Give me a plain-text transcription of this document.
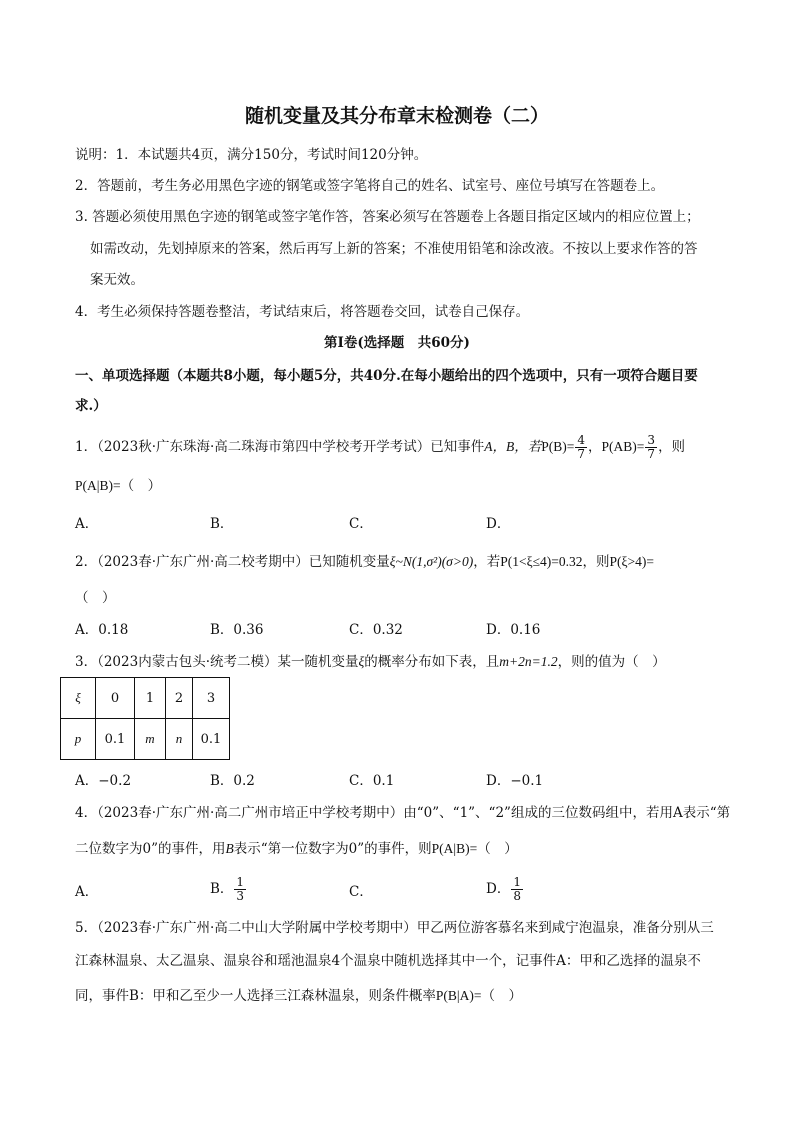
随机变量及其分布章末检测卷（二）
说明：1．本试题共4页，满分150分，考试时间120分钟。
2．答题前，考生务必用黑色字迹的钢笔或签字笔将自己的姓名、试室号、座位号填写在答题卷上。
3. 答题必须使用黑色字迹的钢笔或签字笔作答，答案必须写在答题卷上各题目指定区域内的相应位置上；
如需改动，先划掉原来的答案，然后再写上新的答案；不准使用铅笔和涂改液。不按以上要求作答的答
案无效。
4．考生必须保持答题卷整洁，考试结束后，将答题卷交回，试卷自己保存。
第I卷(选择题　共60分)
一、单项选择题（本题共8小题，每小题5分，共40分.在每小题给出的四个选项中，只有一项符合题目要
求.）
1．（2023秋·广东珠海·高二珠海市第四中学校考开学考试）已知事件A，B，若$P(B)= \frac{4}{7}$ ，$P(AB)= \frac{3}{7}$ ，则
P(A|B)=（　）
A．	B．	C．	D．
2．（2023春·广东广州·高二校考期中）已知随机变量ξ~N(1,σ²)(σ>0)，若P(1<ξ≤4)=0.32，则P(ξ>4)=
（　）
A．0.18	B．0.36	C．0.32	D．0.16
3．（2023内蒙古包头·统考二模）某一随机变量ξ的概率分布如下表，且m+2n=1.2，则的值为（　）
ξ	0	1	2	3
p	0.1	m	n	0.1
A．−0.2	B．0.2	C．0.1	D．−0.1
4．（2023春·广东广州·高二广州市培正中学校考期中）由“0”、“1”、“2”组成的三位数码组中，若用A表示“第
二位数字为0”的事件，用B表示“第一位数字为0”的事件，则P(A|B)=（　）
A．	B． $\frac{1}{3}$	C．	D． $\frac{1}{8}$
5．（2023春·广东广州·高二中山大学附属中学校考期中）甲乙两位游客慕名来到咸宁泡温泉，准备分别从三
江森林温泉、太乙温泉、温泉谷和瑶池温泉4个温泉中随机选择其中一个，记事件A：甲和乙选择的温泉不
同，事件B：甲和乙至少一人选择三江森林温泉，则条件概率P(B|A)=（　）
